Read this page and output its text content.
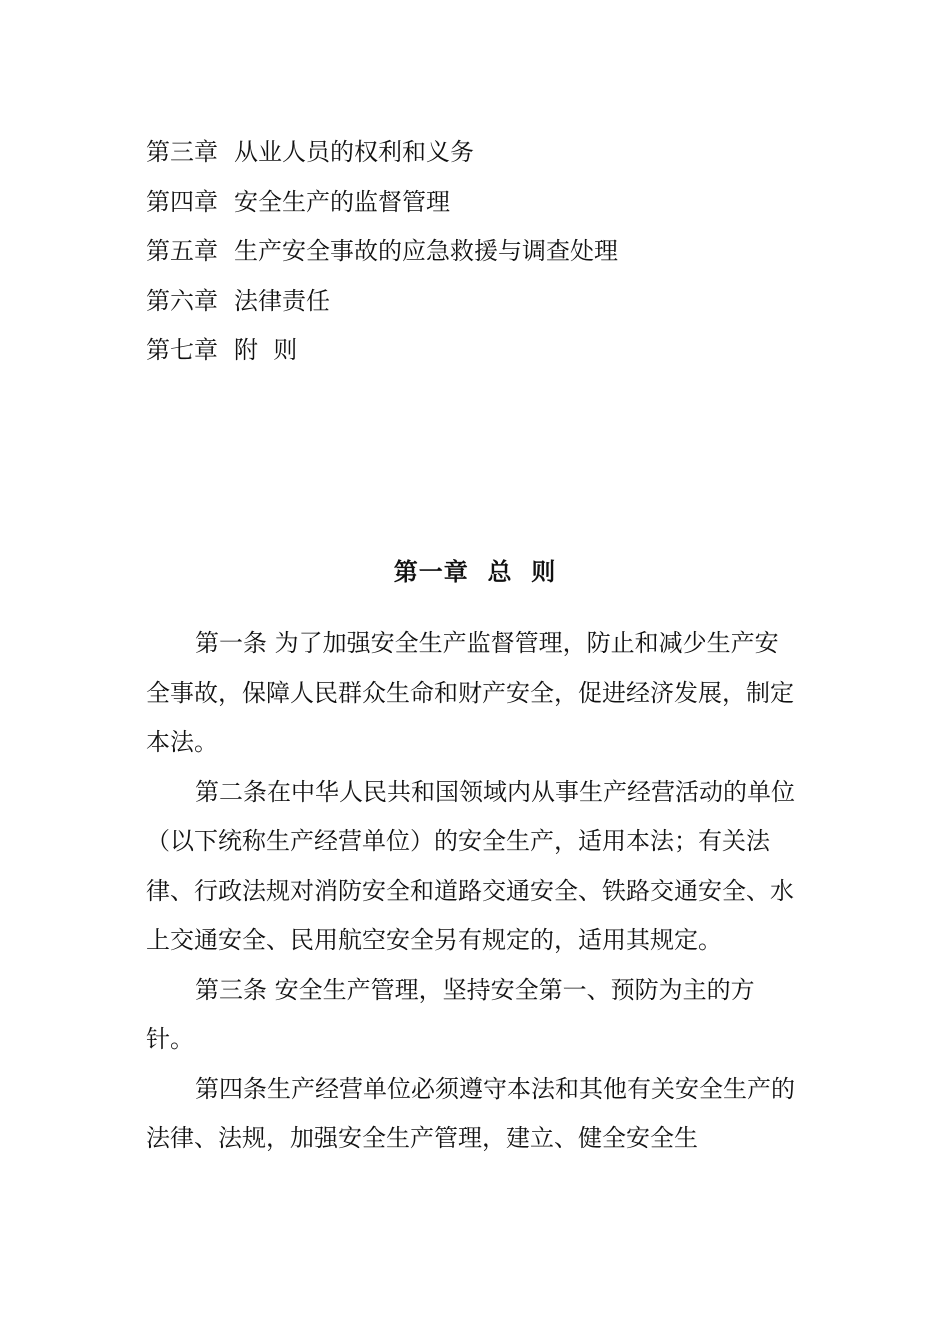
第三章 从业人员的权利和义务
第四章 安全生产的监督管理
第五章 生产安全事故的应急救援与调查处理
第六章 法律责任
第七章 附  则
第一章  总  则

第一条 为了加强安全生产监督管理，防止和减少生产安全事故，保障人民群众生命和财产安全，促进经济发展，制定本法。

第二条在中华人民共和国领域内从事生产经营活动的单位（以下统称生产经营单位）的安全生产，适用本法；有关法律、行政法规对消防安全和道路交通安全、铁路交通安全、水上交通安全、民用航空安全另有规定的，适用其规定。

第三条 安全生产管理，坚持安全第一、预防为主的方针。

第四条生产经营单位必须遵守本法和其他有关安全生产的法律、法规，加强安全生产管理，建立、健全安全生
